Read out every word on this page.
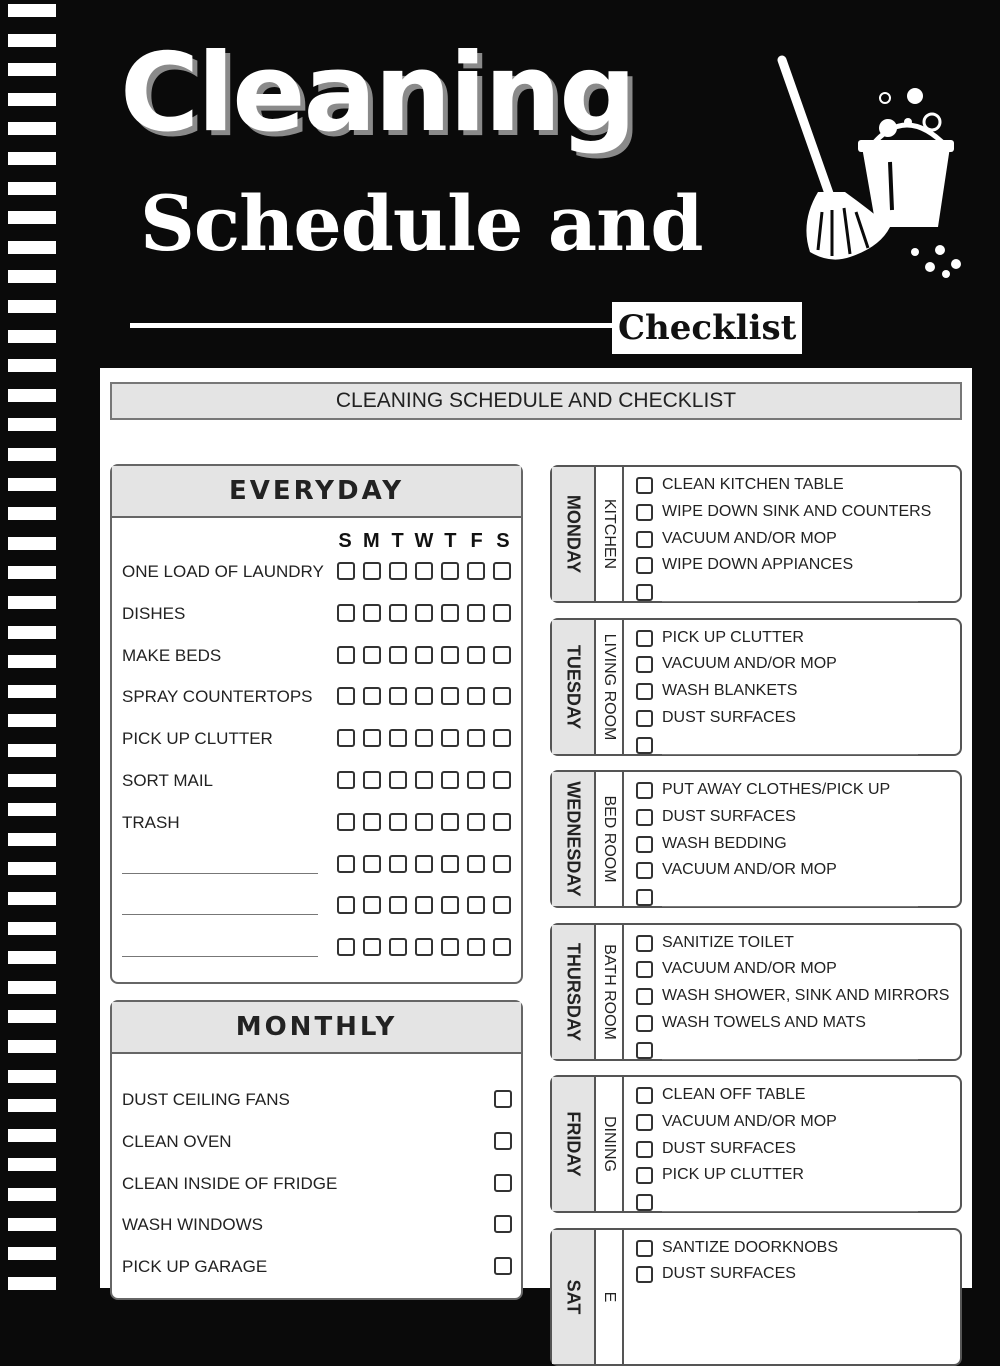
Cleaning
Schedule and
Checklist
CLEANING SCHEDULE AND CHECKLIST
EVERYDAY
S M T W T F S
ONE LOAD OF LAUNDRY
DISHES
MAKE BEDS
SPRAY COUNTERTOPS
PICK UP CLUTTER
SORT MAIL
TRASH
MONTHLY
DUST CEILING FANS
CLEAN OVEN
CLEAN INSIDE OF FRIDGE
WASH WINDOWS
PICK UP GARAGE
MONDAY KITCHEN
CLEAN KITCHEN TABLE
WIPE DOWN SINK AND COUNTERS
VACUUM AND/OR MOP
WIPE DOWN APPIANCES
TUESDAY LIVING ROOM	PICK UP CLUTTER
VACUUM AND/OR MOP
WASH BLANKETS
DUST SURFACES
WEDNESDAY BED ROOM
PUT AWAY CLOTHES/PICK UP
DUST SURFACES
WASH BEDDING
VACUUM AND/OR MOP
THURSDAY BATH ROOM
SANITIZE TOILET
VACUUM AND/OR MOP
WASH SHOWER, SINK AND MIRRORS
WASH TOWELS AND MATS
FRIDAY DINING
CLEAN OFF TABLE
VACUUM AND/OR MOP
DUST SURFACES
PICK UP CLUTTER
SAT E
SANTIZE DOORKNOBS
DUST SURFACES
